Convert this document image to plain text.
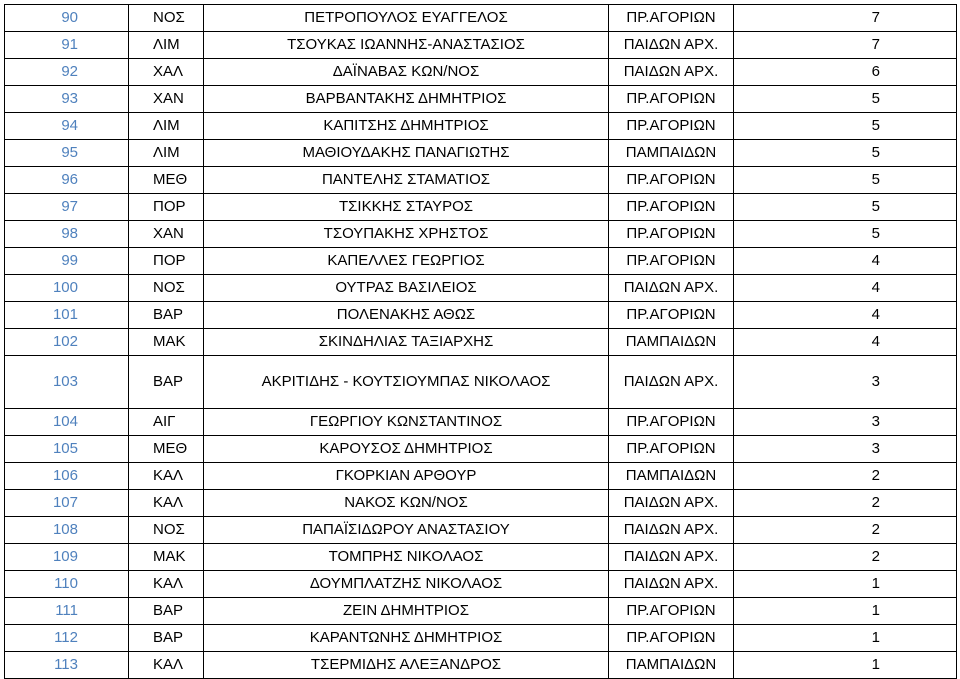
90	ΝΟΣ	ΠΕΤΡΟΠΟΥΛΟΣ ΕΥΑΓΓΕΛΟΣ	ΠΡ.ΑΓΟΡΙΩΝ	7
91	ΛΙΜ	ΤΣΟΥΚΑΣ ΙΩΑΝΝΗΣ-ΑΝΑΣΤΑΣΙΟΣ	ΠΑΙΔΩΝ ΑΡΧ.	7
92	ΧΑΛ	ΔΑΪΝΑΒΑΣ ΚΩΝ/ΝΟΣ	ΠΑΙΔΩΝ ΑΡΧ.	6
93	ΧΑΝ	ΒΑΡΒΑΝΤΑΚΗΣ ΔΗΜΗΤΡΙΟΣ	ΠΡ.ΑΓΟΡΙΩΝ	5
94	ΛΙΜ	ΚΑΠΙΤΣΗΣ ΔΗΜΗΤΡΙΟΣ	ΠΡ.ΑΓΟΡΙΩΝ	5
95	ΛΙΜ	ΜΑΘΙΟΥΔΑΚΗΣ ΠΑΝΑΓΙΩΤΗΣ	ΠΑΜΠΑΙΔΩΝ	5
96	ΜΕΘ	ΠΑΝΤΕΛΗΣ ΣΤΑΜΑΤΙΟΣ	ΠΡ.ΑΓΟΡΙΩΝ	5
97	ΠΟΡ	ΤΣΙΚΚΗΣ ΣΤΑΥΡΟΣ	ΠΡ.ΑΓΟΡΙΩΝ	5
98	ΧΑΝ	ΤΣΟΥΠΑΚΗΣ ΧΡΗΣΤΟΣ	ΠΡ.ΑΓΟΡΙΩΝ	5
99	ΠΟΡ	ΚΑΠΕΛΛΕΣ ΓΕΩΡΓΙΟΣ	ΠΡ.ΑΓΟΡΙΩΝ	4
100	ΝΟΣ	ΟΥΤΡΑΣ ΒΑΣΙΛΕΙΟΣ	ΠΑΙΔΩΝ ΑΡΧ.	4
101	ΒΑΡ	ΠΟΛΕΝΑΚΗΣ ΑΘΩΣ	ΠΡ.ΑΓΟΡΙΩΝ	4
102	ΜΑΚ	ΣΚΙΝΔΗΛΙΑΣ ΤΑΞΙΑΡΧΗΣ	ΠΑΜΠΑΙΔΩΝ	4
103	ΒΑΡ	ΑΚΡΙΤΙΔΗΣ - ΚΟΥΤΣΙΟΥΜΠΑΣ ΝΙΚΟΛΑΟΣ	ΠΑΙΔΩΝ ΑΡΧ.	3
104	ΑΙΓ	ΓΕΩΡΓΙΟΥ ΚΩΝΣΤΑΝΤΙΝΟΣ	ΠΡ.ΑΓΟΡΙΩΝ	3
105	ΜΕΘ	ΚΑΡΟΥΣΟΣ ΔΗΜΗΤΡΙΟΣ	ΠΡ.ΑΓΟΡΙΩΝ	3
106	ΚΑΛ	ΓΚΟΡΚΙΑΝ ΑΡΘΟΥΡ	ΠΑΜΠΑΙΔΩΝ	2
107	ΚΑΛ	ΝΑΚΟΣ ΚΩΝ/ΝΟΣ	ΠΑΙΔΩΝ ΑΡΧ.	2
108	ΝΟΣ	ΠΑΠΑΪΣΙΔΩΡΟΥ ΑΝΑΣΤΑΣΙΟΥ	ΠΑΙΔΩΝ ΑΡΧ.	2
109	ΜΑΚ	ΤΟΜΠΡΗΣ ΝΙΚΟΛΑΟΣ	ΠΑΙΔΩΝ ΑΡΧ.	2
110	ΚΑΛ	ΔΟΥΜΠΛΑΤΖΗΣ ΝΙΚΟΛΑΟΣ	ΠΑΙΔΩΝ ΑΡΧ.	1
111	ΒΑΡ	ΖΕΙΝ ΔΗΜΗΤΡΙΟΣ	ΠΡ.ΑΓΟΡΙΩΝ	1
112	ΒΑΡ	ΚΑΡΑΝΤΩΝΗΣ ΔΗΜΗΤΡΙΟΣ	ΠΡ.ΑΓΟΡΙΩΝ	1
113	ΚΑΛ	ΤΣΕΡΜΙΔΗΣ ΑΛΕΞΑΝΔΡΟΣ	ΠΑΜΠΑΙΔΩΝ	1
